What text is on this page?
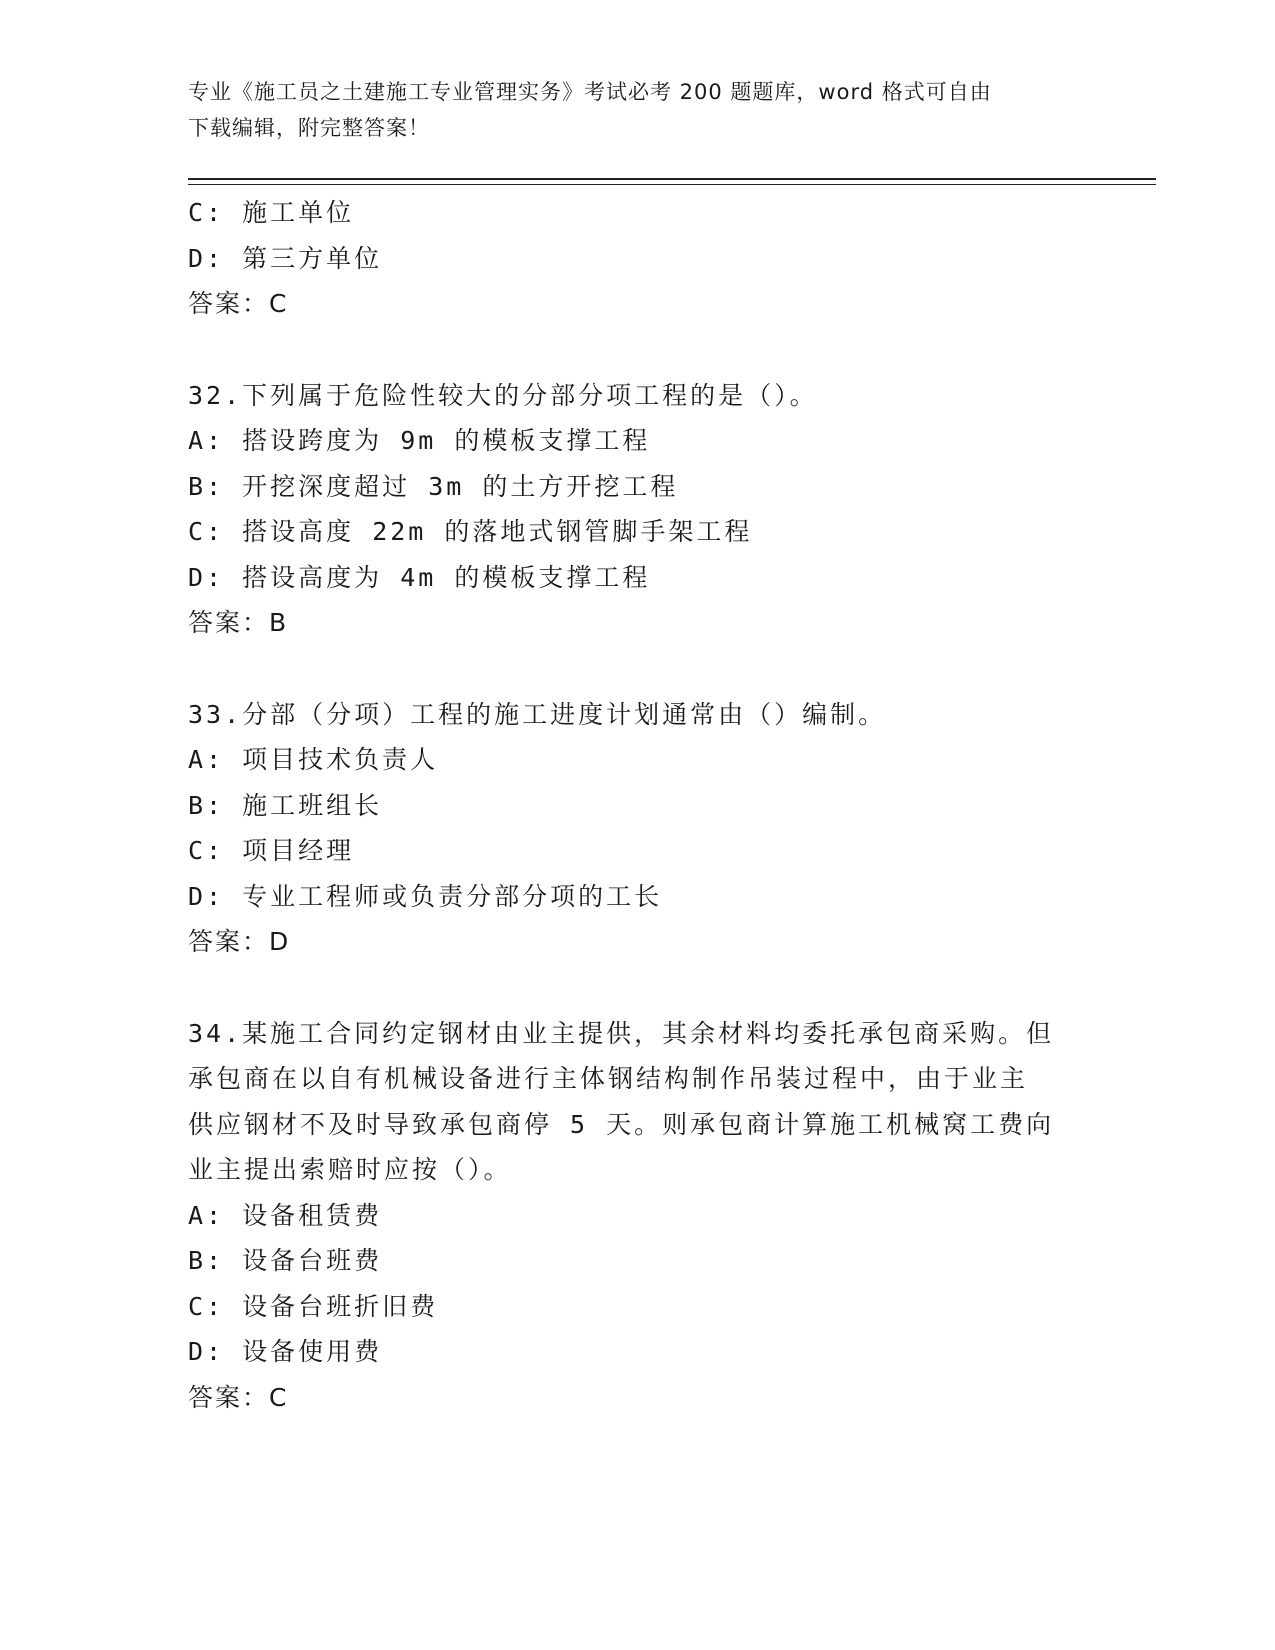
专业《施工员之土建施工专业管理实务》考试必考 200 题题库，word 格式可自由
下载编辑，附完整答案！
C: 施工单位
D: 第三方单位
答案：C
32.下列属于危险性较大的分部分项工程的是（）。
A: 搭设跨度为 9m 的模板支撑工程
B: 开挖深度超过 3m 的土方开挖工程
C: 搭设高度 22m 的落地式钢管脚手架工程
D: 搭设高度为 4m 的模板支撑工程
答案：B
33.分部（分项）工程的施工进度计划通常由（）编制。
A: 项目技术负责人
B: 施工班组长
C: 项目经理
D: 专业工程师或负责分部分项的工长
答案：D
34.某施工合同约定钢材由业主提供，其余材料均委托承包商采购。但
承包商在以自有机械设备进行主体钢结构制作吊装过程中，由于业主
供应钢材不及时导致承包商停 5 天。则承包商计算施工机械窝工费向
业主提出索赔时应按（）。
A: 设备租赁费
B: 设备台班费
C: 设备台班折旧费
D: 设备使用费
答案：C
